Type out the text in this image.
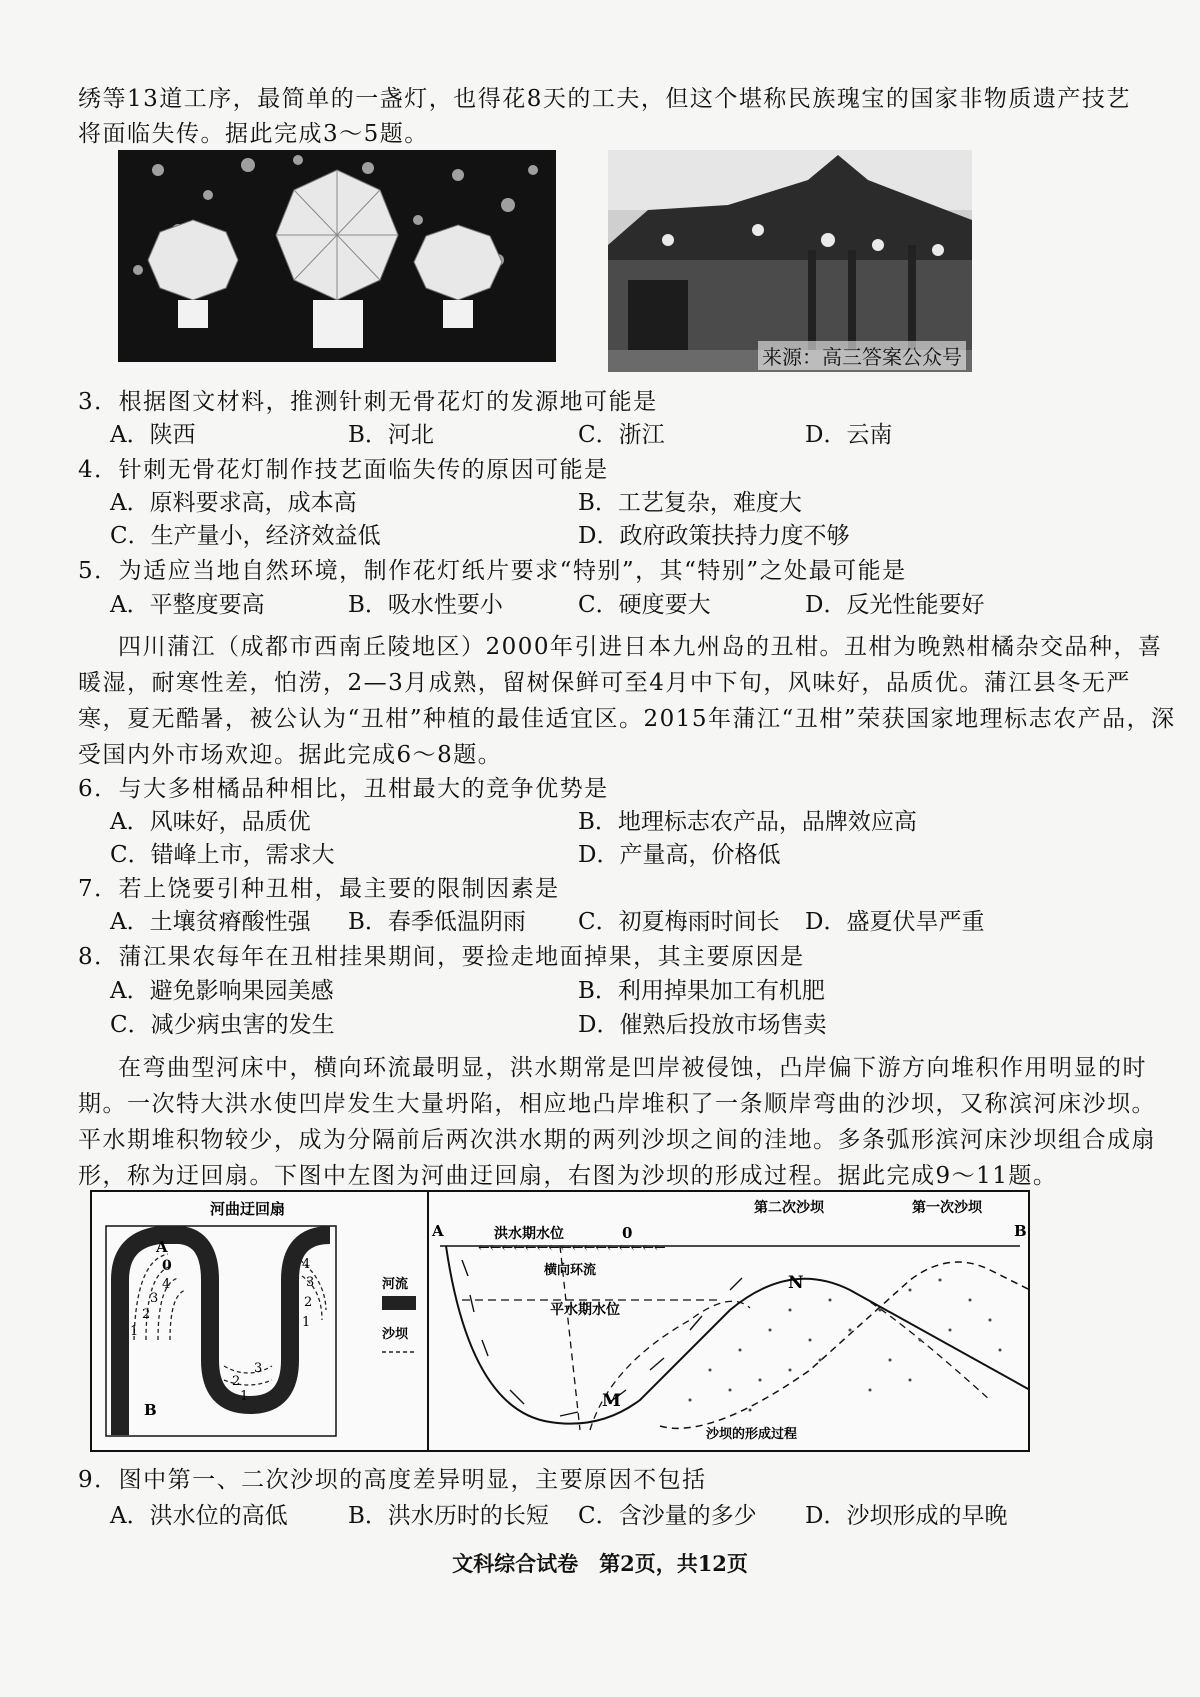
绣等13道工序，最简单的一盏灯，也得花8天的工夫，但这个堪称民族瑰宝的国家非物质遗产技艺
将面临失传。据此完成3～5题。
来源：高三答案公众号
3．根据图文材料，推测针刺无骨花灯的发源地可能是
A．陕西	B．河北	C．浙江	D．云南
4．针刺无骨花灯制作技艺面临失传的原因可能是
A．原料要求高，成本高	B．工艺复杂，难度大
C．生产量小，经济效益低	D．政府政策扶持力度不够
5．为适应当地自然环境，制作花灯纸片要求“特别”，其“特别”之处最可能是
A．平整度要高	B．吸水性要小	C．硬度要大	D．反光性能要好
四川蒲江（成都市西南丘陵地区）2000年引进日本九州岛的丑柑。丑柑为晚熟柑橘杂交品种，喜
暖湿，耐寒性差，怕涝，2—3月成熟，留树保鲜可至4月中下旬，风味好，品质优。蒲江县冬无严
寒，夏无酷暑，被公认为“丑柑”种植的最佳适宜区。2015年蒲江“丑柑”荣获国家地理标志农产品，深
受国内外市场欢迎。据此完成6～8题。
6．与大多柑橘品种相比，丑柑最大的竞争优势是
A．风味好，品质优	B．地理标志农产品，品牌效应高
C．错峰上市，需求大	D．产量高，价格低
7．若上饶要引种丑柑，最主要的限制因素是
A．土壤贫瘠酸性强 B．春季低温阴雨 C．初夏梅雨时间长 D．盛夏伏旱严重
8．蒲江果农每年在丑柑挂果期间，要捡走地面掉果，其主要原因是
A．避免影响果园美感	B．利用掉果加工有机肥
C．减少病虫害的发生	D．催熟后投放市场售卖
在弯曲型河床中，横向环流最明显，洪水期常是凹岸被侵蚀，凸岸偏下游方向堆积作用明显的时
期。一次特大洪水使凹岸发生大量坍陷，相应地凸岸堆积了一条顺岸弯曲的沙坝，又称滨河床沙坝。
平水期堆积物较少，成为分隔前后两次洪水期的两列沙坝之间的洼地。多条弧形滨河床沙坝组合成扇
形，称为迂回扇。下图中左图为河曲迂回扇，右图为沙坝的形成过程。据此完成9～11题。
河曲迂回扇
A
0
B
1
2
3
4
1
2
3
4
1
2
3
河流
沙坝
第二次沙坝	第一次沙坝
A	B
洪水期水位	0
←←←←←←←←←←←←←←←←
横向环流
平水期水位
N
M
沙坝的形成过程
9．图中第一、二次沙坝的高度差异明显，主要原因不包括
A．洪水位的高低	B．洪水历时的长短 C．含沙量的多少 D．沙坝形成的早晚
文科综合试卷　第2页，共12页
